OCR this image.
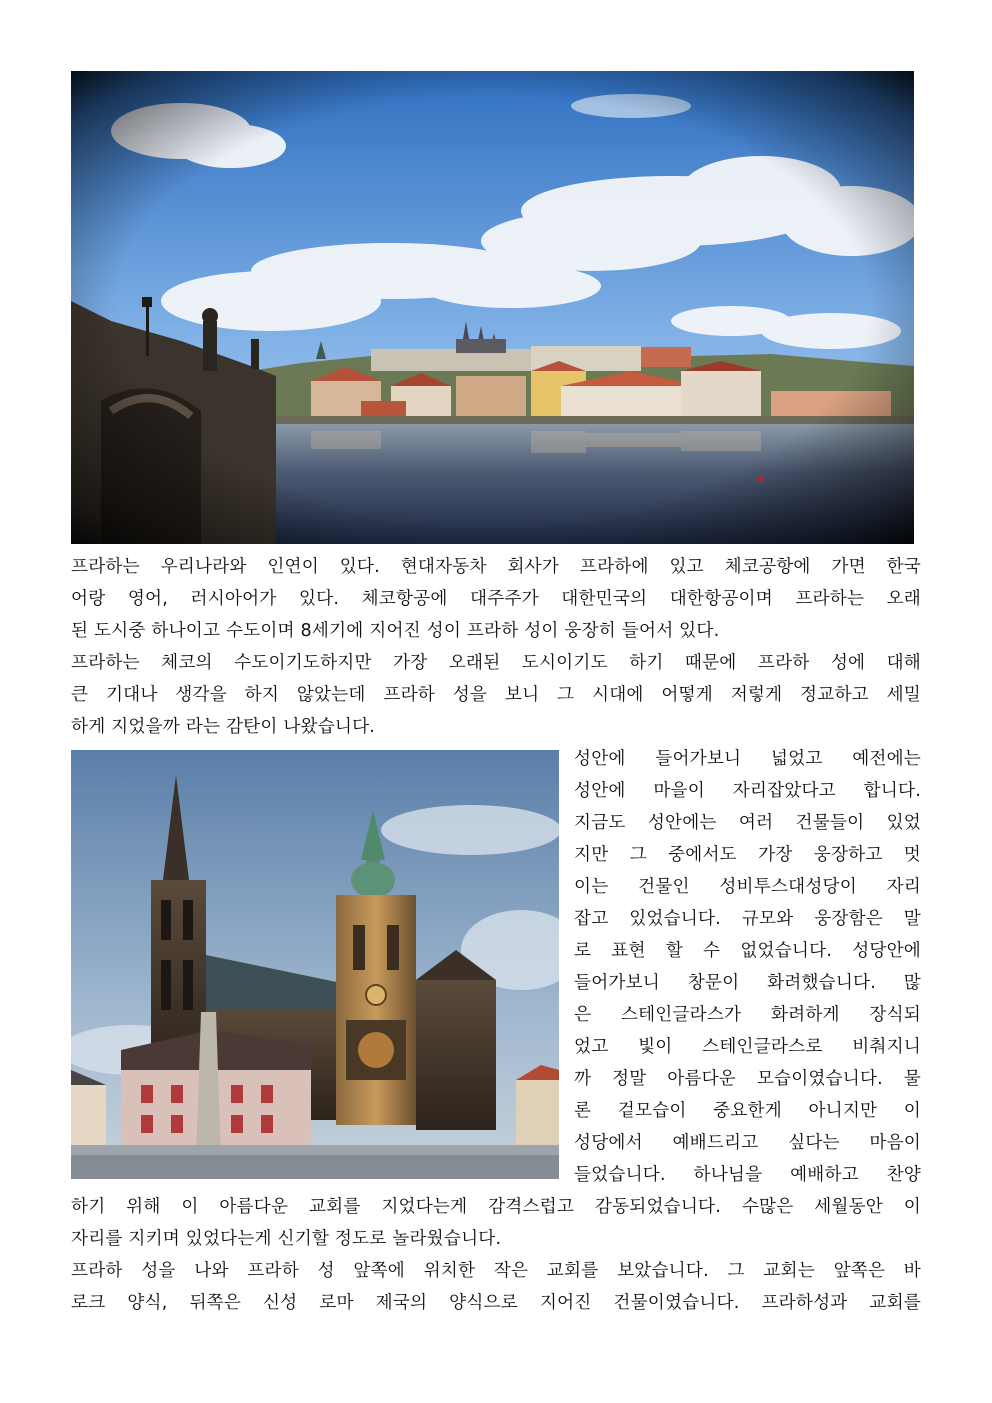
프라하는 우리나라와 인연이 있다. 현대자동차 회사가 프라하에 있고 체코공항에 가면 한국
어랑 영어, 러시아어가 있다. 체코항공에 대주주가 대한민국의 대한항공이며 프라하는 오래
된 도시중 하나이고 수도이며 8세기에 지어진 성이 프라하 성이 웅장히 들어서 있다.
프라하는 체코의 수도이기도하지만 가장 오래된 도시이기도 하기 때문에 프라하 성에 대해
큰 기대나 생각을 하지 않았는데 프라하 성을 보니 그 시대에 어떻게 저렇게 정교하고 세밀
하게 지었을까 라는 감탄이 나왔습니다.
성안에 들어가보니 넓었고 예전에는
성안에 마을이 자리잡았다고 합니다.
지금도 성안에는 여러 건물들이 있었
지만 그 중에서도 가장 웅장하고 멋
이는 건물인 성비투스대성당이 자리
잡고 있었습니다. 규모와 웅장함은 말
로 표현 할 수 없었습니다. 성당안에
들어가보니 창문이 화려했습니다. 많
은 스테인글라스가 화려하게 장식되
었고 빛이 스테인글라스로 비춰지니
까 정말 아름다운 모습이였습니다. 물
론 겉모습이 중요한게 아니지만 이
성당에서 예배드리고 싶다는 마음이
들었습니다. 하나님을 예배하고 찬양
하기 위해 이 아름다운 교회를 지었다는게 감격스럽고 감동되었습니다. 수많은 세월동안 이
자리를 지키며 있었다는게 신기할 정도로 놀라웠습니다.
프라하 성을 나와 프라하 성 앞쪽에 위치한 작은 교회를 보았습니다. 그 교회는 앞쪽은 바
로크 양식, 뒤쪽은 신성 로마 제국의 양식으로 지어진 건물이였습니다. 프라하성과 교회를
